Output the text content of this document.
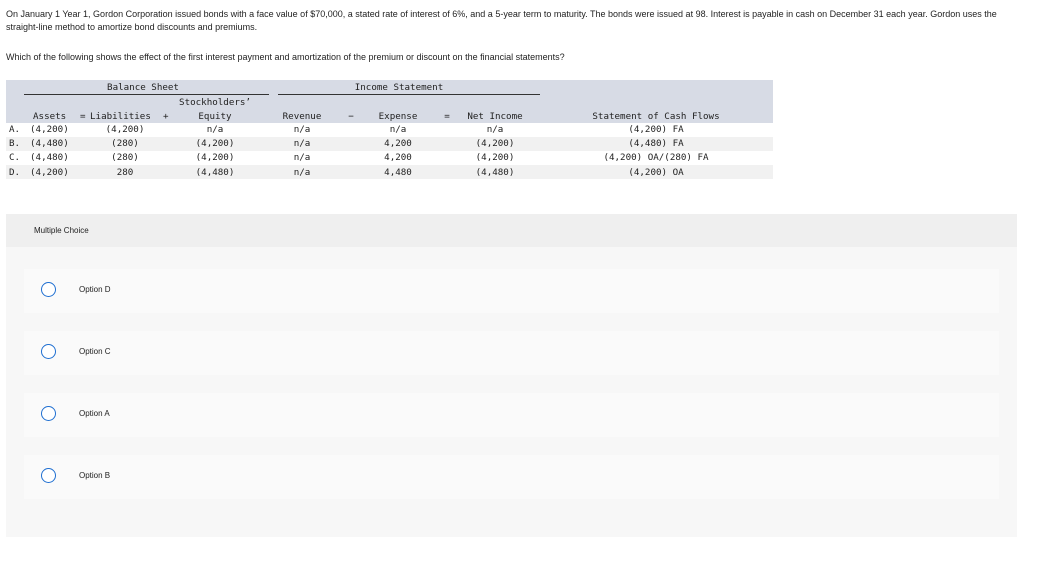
On January 1 Year 1, Gordon Corporation issued bonds with a face value of $70,000, a stated rate of interest of 6%, and a 5-year term to maturity. The bonds were issued at 98. Interest is payable in cash on December 31 each year. Gordon uses the straight-line method to amortize bond discounts and premiums.
Which of the following shows the effect of the first interest payment and amortization of the premium or discount on the financial statements?
Balance Sheet	Income Statement
Stockholders’
Assets = Liabilities +	Equity	Revenue	−	Expense	= Net Income	Statement of Cash Flows
A. (4,200)	(4,200)	n/a	n/a	n/a	n/a	(4,200) FA
B. (4,480)	(280)	(4,200)	n/a	4,200	(4,200)	(4,480) FA
C. (4,480)	(280)	(4,200)	n/a	4,200	(4,200)	(4,200) OA/(280) FA
D. (4,200)	280	(4,480)	n/a	4,480	(4,480)	(4,200) OA
Multiple Choice
Option D
Option C
Option A
Option B
